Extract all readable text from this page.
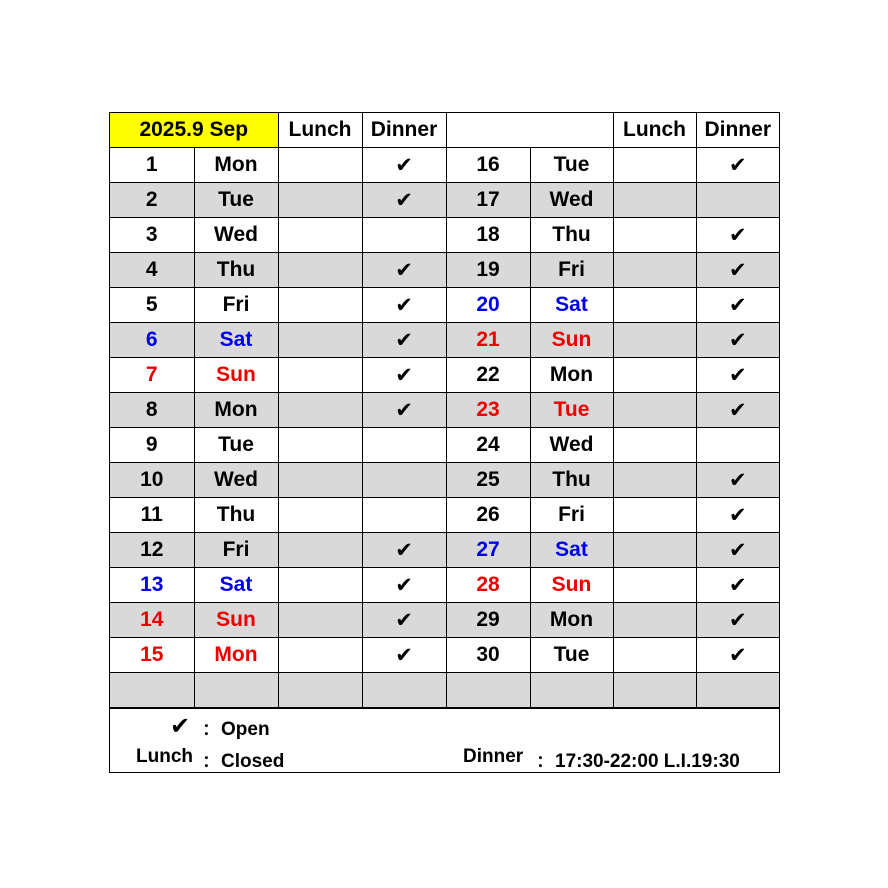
2025.9 Sep		Lunch	Dinner			Lunch	Dinner
1	Mon		✔	16	Tue		✔
2	Tue		✔	17	Wed		
3	Wed			18	Thu		✔
4	Thu		✔	19	Fri		✔
5	Fri		✔	20	Sat		✔
6	Sat		✔	21	Sun		✔
7	Sun		✔	22	Mon		✔
8	Mon		✔	23	Tue		✔
9	Tue			24	Wed		
10	Wed			25	Thu		✔
11	Thu			26	Fri		✔
12	Fri		✔	27	Sat		✔
13	Sat		✔	28	Sun		✔
14	Sun		✔	29	Mon		✔
15	Mon		✔	30	Tue		✔

✔ ：Open
Lunch ：Closed	Dinner ：17:30-22:00 L.I.19:30
